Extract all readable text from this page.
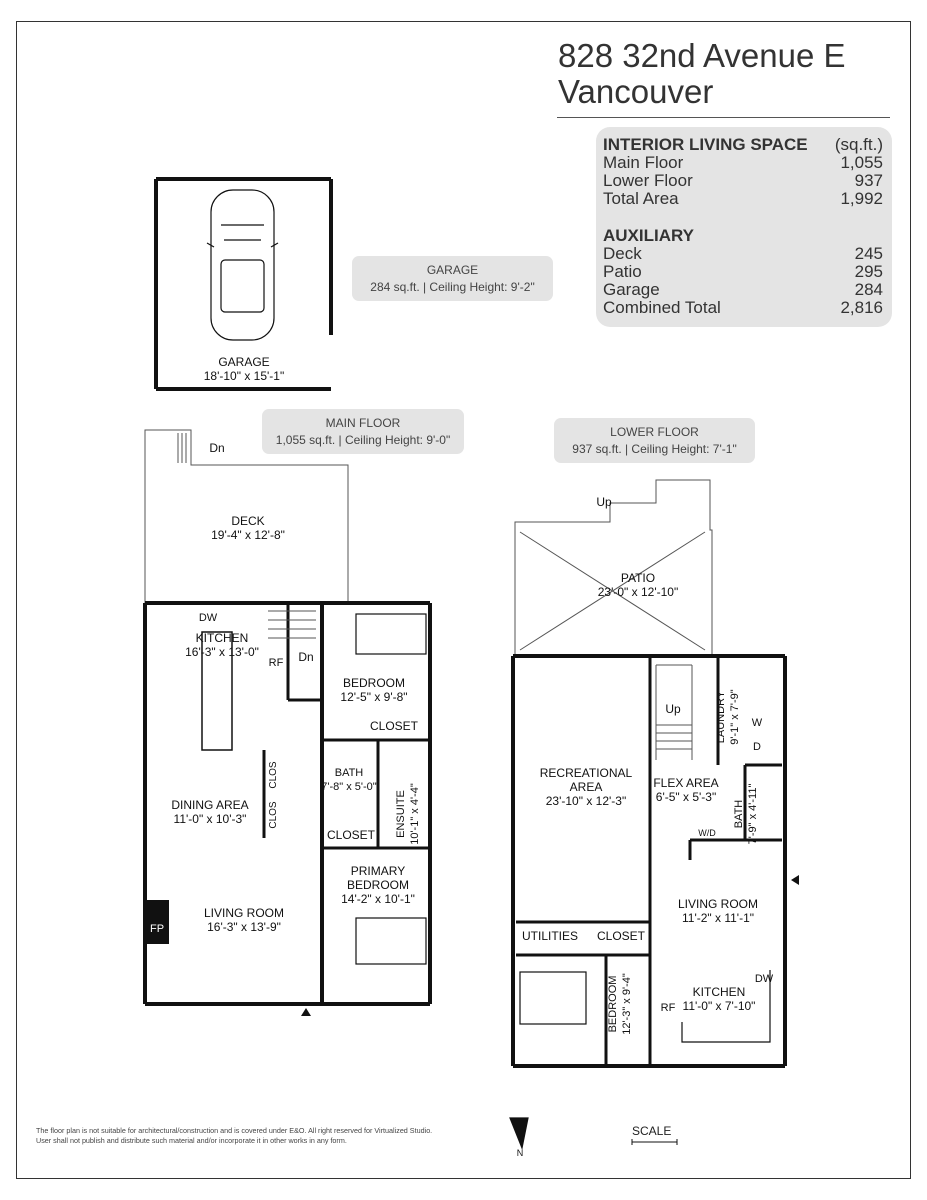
828 32nd Avenue E
Vancouver
INTERIOR LIVING SPACE (sq.ft.)
Main Floor	1,055
Lower Floor	937
Total Area	1,992
AUXILIARY
Deck	245
Patio	295
Garage	284
Combined Total	2,816
GARAGE
284 sq.ft. | Ceiling Height: 9'-2"
MAIN FLOOR
1,055 sq.ft. | Ceiling Height: 9'-0"
LOWER FLOOR
937 sq.ft. | Ceiling Height: 7'-1"
GARAGE
18'-10" x 15'-1"
DECK
19'-4" x 12'-8"
KITCHEN
16'-3" x 13'-0"
BEDROOM
12'-5" x 9'-8"
DINING AREA
11'-0" x 10'-3"
BATH
7'-8" x 5'-0"
ENSUITE 10'-1" x 4'-4"
PRIMARY
BEDROOM
14'-2" x 10'-1"
LIVING ROOM
16'-3" x 13'-9"
PATIO
23'-0" x 12'-10"
RECREATIONAL
AREA
23'-10" x 12'-3"
LAUNDRY 9'-1" x 7'-9"
FLEX AREA
6'-5" x 5'-3"
BATH 7'-9" x 4'-11"
LIVING ROOM
11'-2" x 11'-1"
KITCHEN
11'-0" x 7'-10"
BEDROOM 12'-3" x 9'-4"
CLOSET
CLOSET
CLOS
CLOS
UTILITIES	CLOSET
DW
RF
FP
DW
RF
W
D
W/D
Dn
Dn
Up
Up
The floor plan is not suitable for architectural/construction and is covered under E&O. All right reserved for Virtualized Studio. User shall not publish and distribute such material and/or incorporate it in other works in any form.
N
SCALE
